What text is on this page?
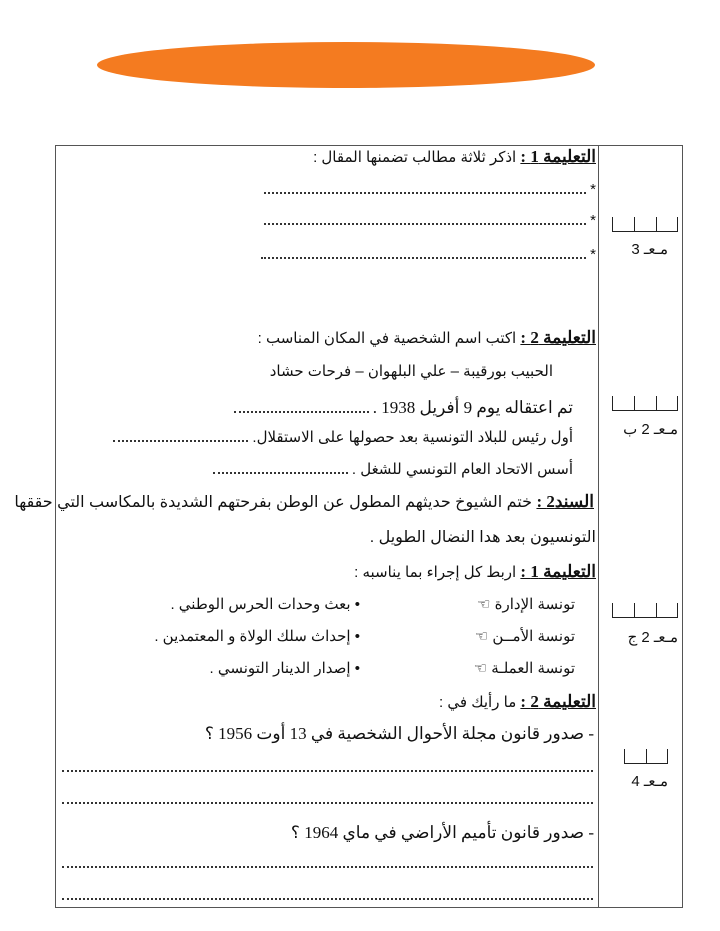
التعليمة 1 : اذكر ثلاثة مطالب تضمنها المقال :
*
*
*
التعليمة 2 : اكتب اسم الشخصية في المكان المناسب :
الحبيب بورقيبة – علي البلهوان – فرحات حشاد
تم اعتقاله يوم 9 أفريل 1938 .
أول رئيس للبلاد التونسية بعد حصولها على الاستقلال.
أسس الاتحاد العام التونسي للشغل .
السند2 : ختم الشيوخ حديثهم المطول عن الوطن بفرحتهم الشديدة بالمكاسب التي حققها
التونسيون بعد هدا النضال الطويل .
التعليمة 1 : اربط كل إجراء بما يناسبه :
تونسة الإدارة ☜
تونسة الأمــن ☜
تونسة العملـة ☜
• بعث وحدات الحرس الوطني .
• إحداث سلك الولاة و المعتمدين .
• إصدار الدينار التونسي .
التعليمة 2 : ما رأيك في :
- صدور قانون مجلة الأحوال الشخصية في 13 أوت 1956 ؟
- صدور قانون تأميم الأراضي في ماي 1964 ؟
مـعـ 3
مـعـ 2 ب
مـعـ 2 ج
مـعـ 4
